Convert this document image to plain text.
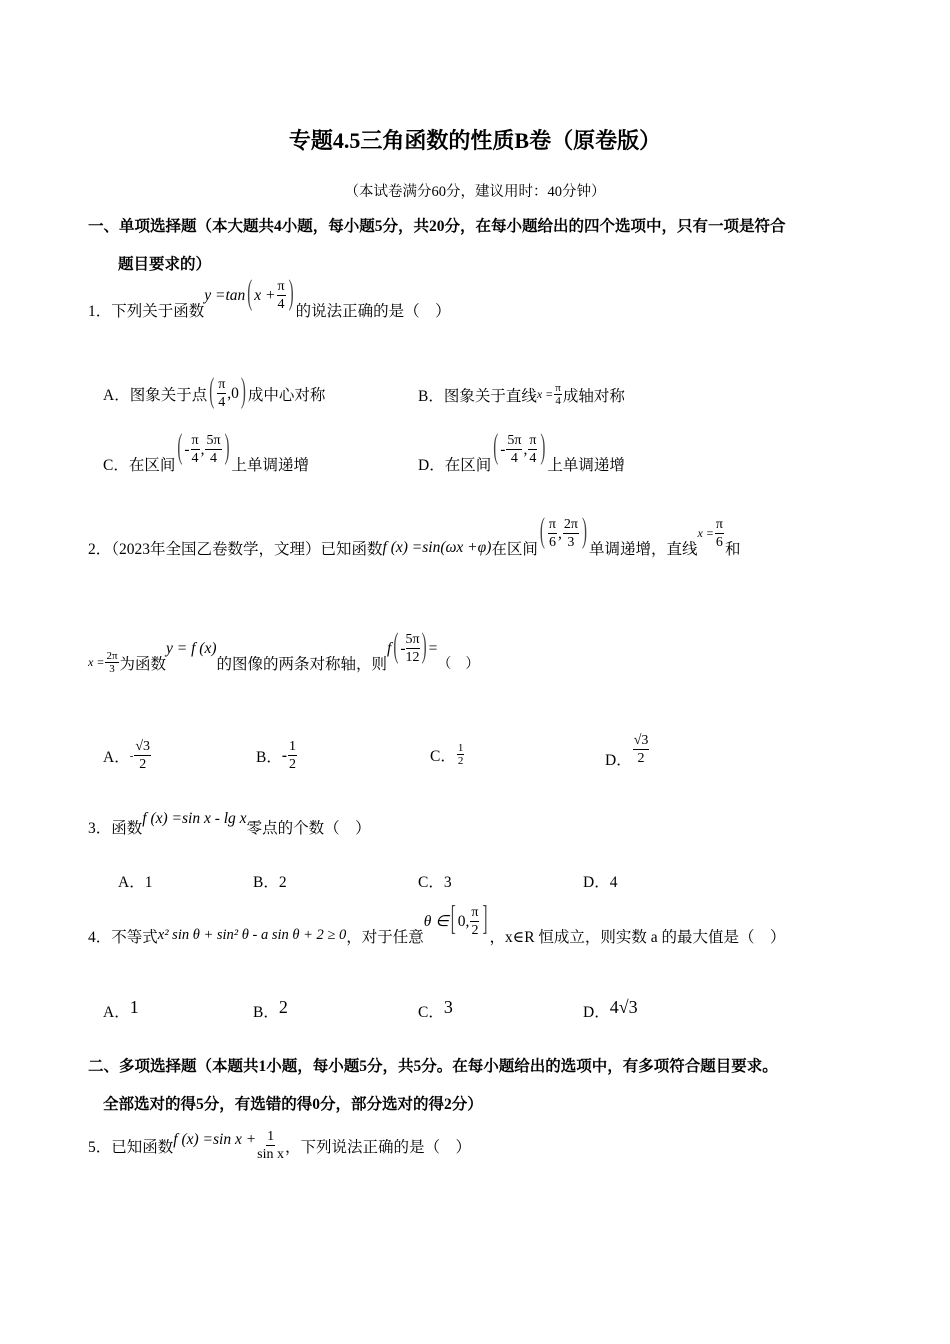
专题4.5三角函数的性质B卷（原卷版）
（本试卷满分60分，建议用时：40分钟）
一、单项选择题（本大题共4小题，每小题5分，共20分，在每小题给出的四个选项中，只有一项是符合
题目要求的）
1．下列关于函数
y =tan ( $x + \frac{\pi}{4}$ ) 的说法正确的是（　）
A．图象关于点 ( $\frac{\pi}{4} ,0$ ) 成中心对称	B．图象关于直线 $x = \frac{\pi}{4}$ 成轴对称
C．在区间 ( - $\frac{\pi}{4}$ , $\frac{5\pi}{4}$ ) 上单调递增	D．在区间 ( - $\frac{5\pi}{4}$ , $\frac{\pi}{4}$ ) 上单调递增
2．（2023年全国乙卷数学，文理）已知函数 f (x) =sin(ωx +φ) 在区间 ( $\frac{\pi}{6}$ , $\frac{2\pi}{3}$ ) 单调递增，直线
$x = \frac{\pi}{6}$ 和
$x = \frac{2\pi}{3}$ 为函数
y = f (x)
的图像的两条对称轴，则
f ( - $\frac{5\pi}{12}$ ) =
（　）
A． - $\frac{√3}{2}$	B． - $\frac{1}{2}$	C． $\frac{1}{2}$	D． $\frac{√3}{2}$
3．函数
f (x) =sin x - lg x
零点的个数（　）
A．1	B．2	C．3	D．4
4．不等式 x² sin θ + sin² θ - a sin θ + 2 ≥ 0 ，对于任意
θ ∈ [ 0, $\frac{\pi}{2}$ ] ，x∈R 恒成立，则实数 a 的最大值是（　）
A． 1	B． 2	C． 3	D． 4√3
二、多项选择题（本题共1小题，每小题5分，共5分。在每小题给出的选项中，有多项符合题目要求。
全部选对的得5分，有选错的得0分，部分选对的得2分）
5．已知函数 f (x) =sin $x + \frac{1}{\text{sin x}}$ ，下列说法正确的是（　）
